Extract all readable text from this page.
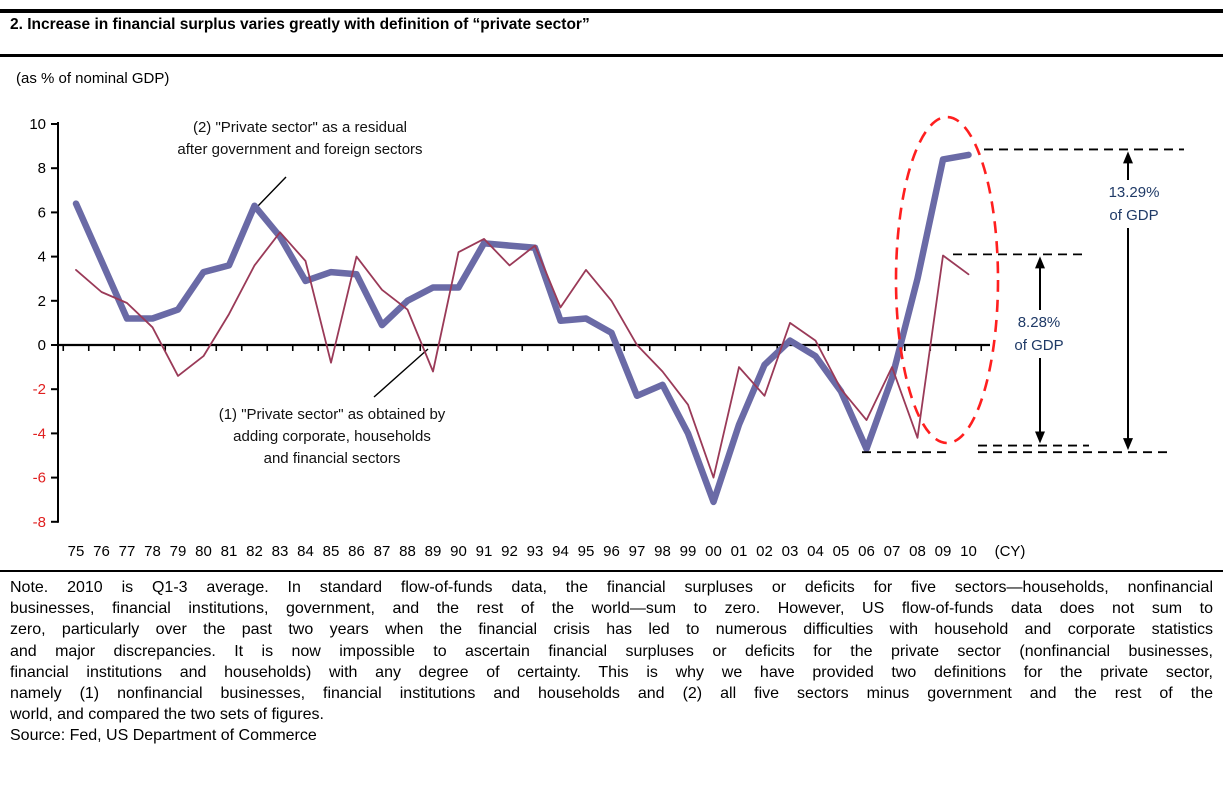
2. Increase in financial surplus varies greatly with definition of “private sector”
(as % of nominal GDP)
-8
-6
-4
-2
0
2
4
6
8
10
75 76 77 78 79 80 81 82 83 84 85 86 87 88 89 90 91 92 93 94 95 96 97 98 99 00 01 02 03 04 05 06 07 08 09 10 (CY)
(2) "Private sector" as a residual
after government and foreign sectors
(1) "Private sector" as obtained by
adding corporate, households
and financial sectors
13.29%
of GDP
8.28%
of GDP
Note. 2010 is Q1-3 average. In standard flow-of-funds data, the financial surpluses or deficits for five sectors—households, nonfinancial
businesses, financial institutions, government, and the rest of the world—sum to zero. However, US flow-of-funds data does not sum to
zero, particularly over the past two years when the financial crisis has led to numerous difficulties with household and corporate statistics
and major discrepancies. It is now impossible to ascertain financial surpluses or deficits for the private sector (nonfinancial businesses,
financial institutions and households) with any degree of certainty. This is why we have provided two definitions for the private sector,
namely (1) nonfinancial businesses, financial institutions and households and (2) all five sectors minus government and the rest of the
world, and compared the two sets of figures.
Source: Fed, US Department of Commerce
